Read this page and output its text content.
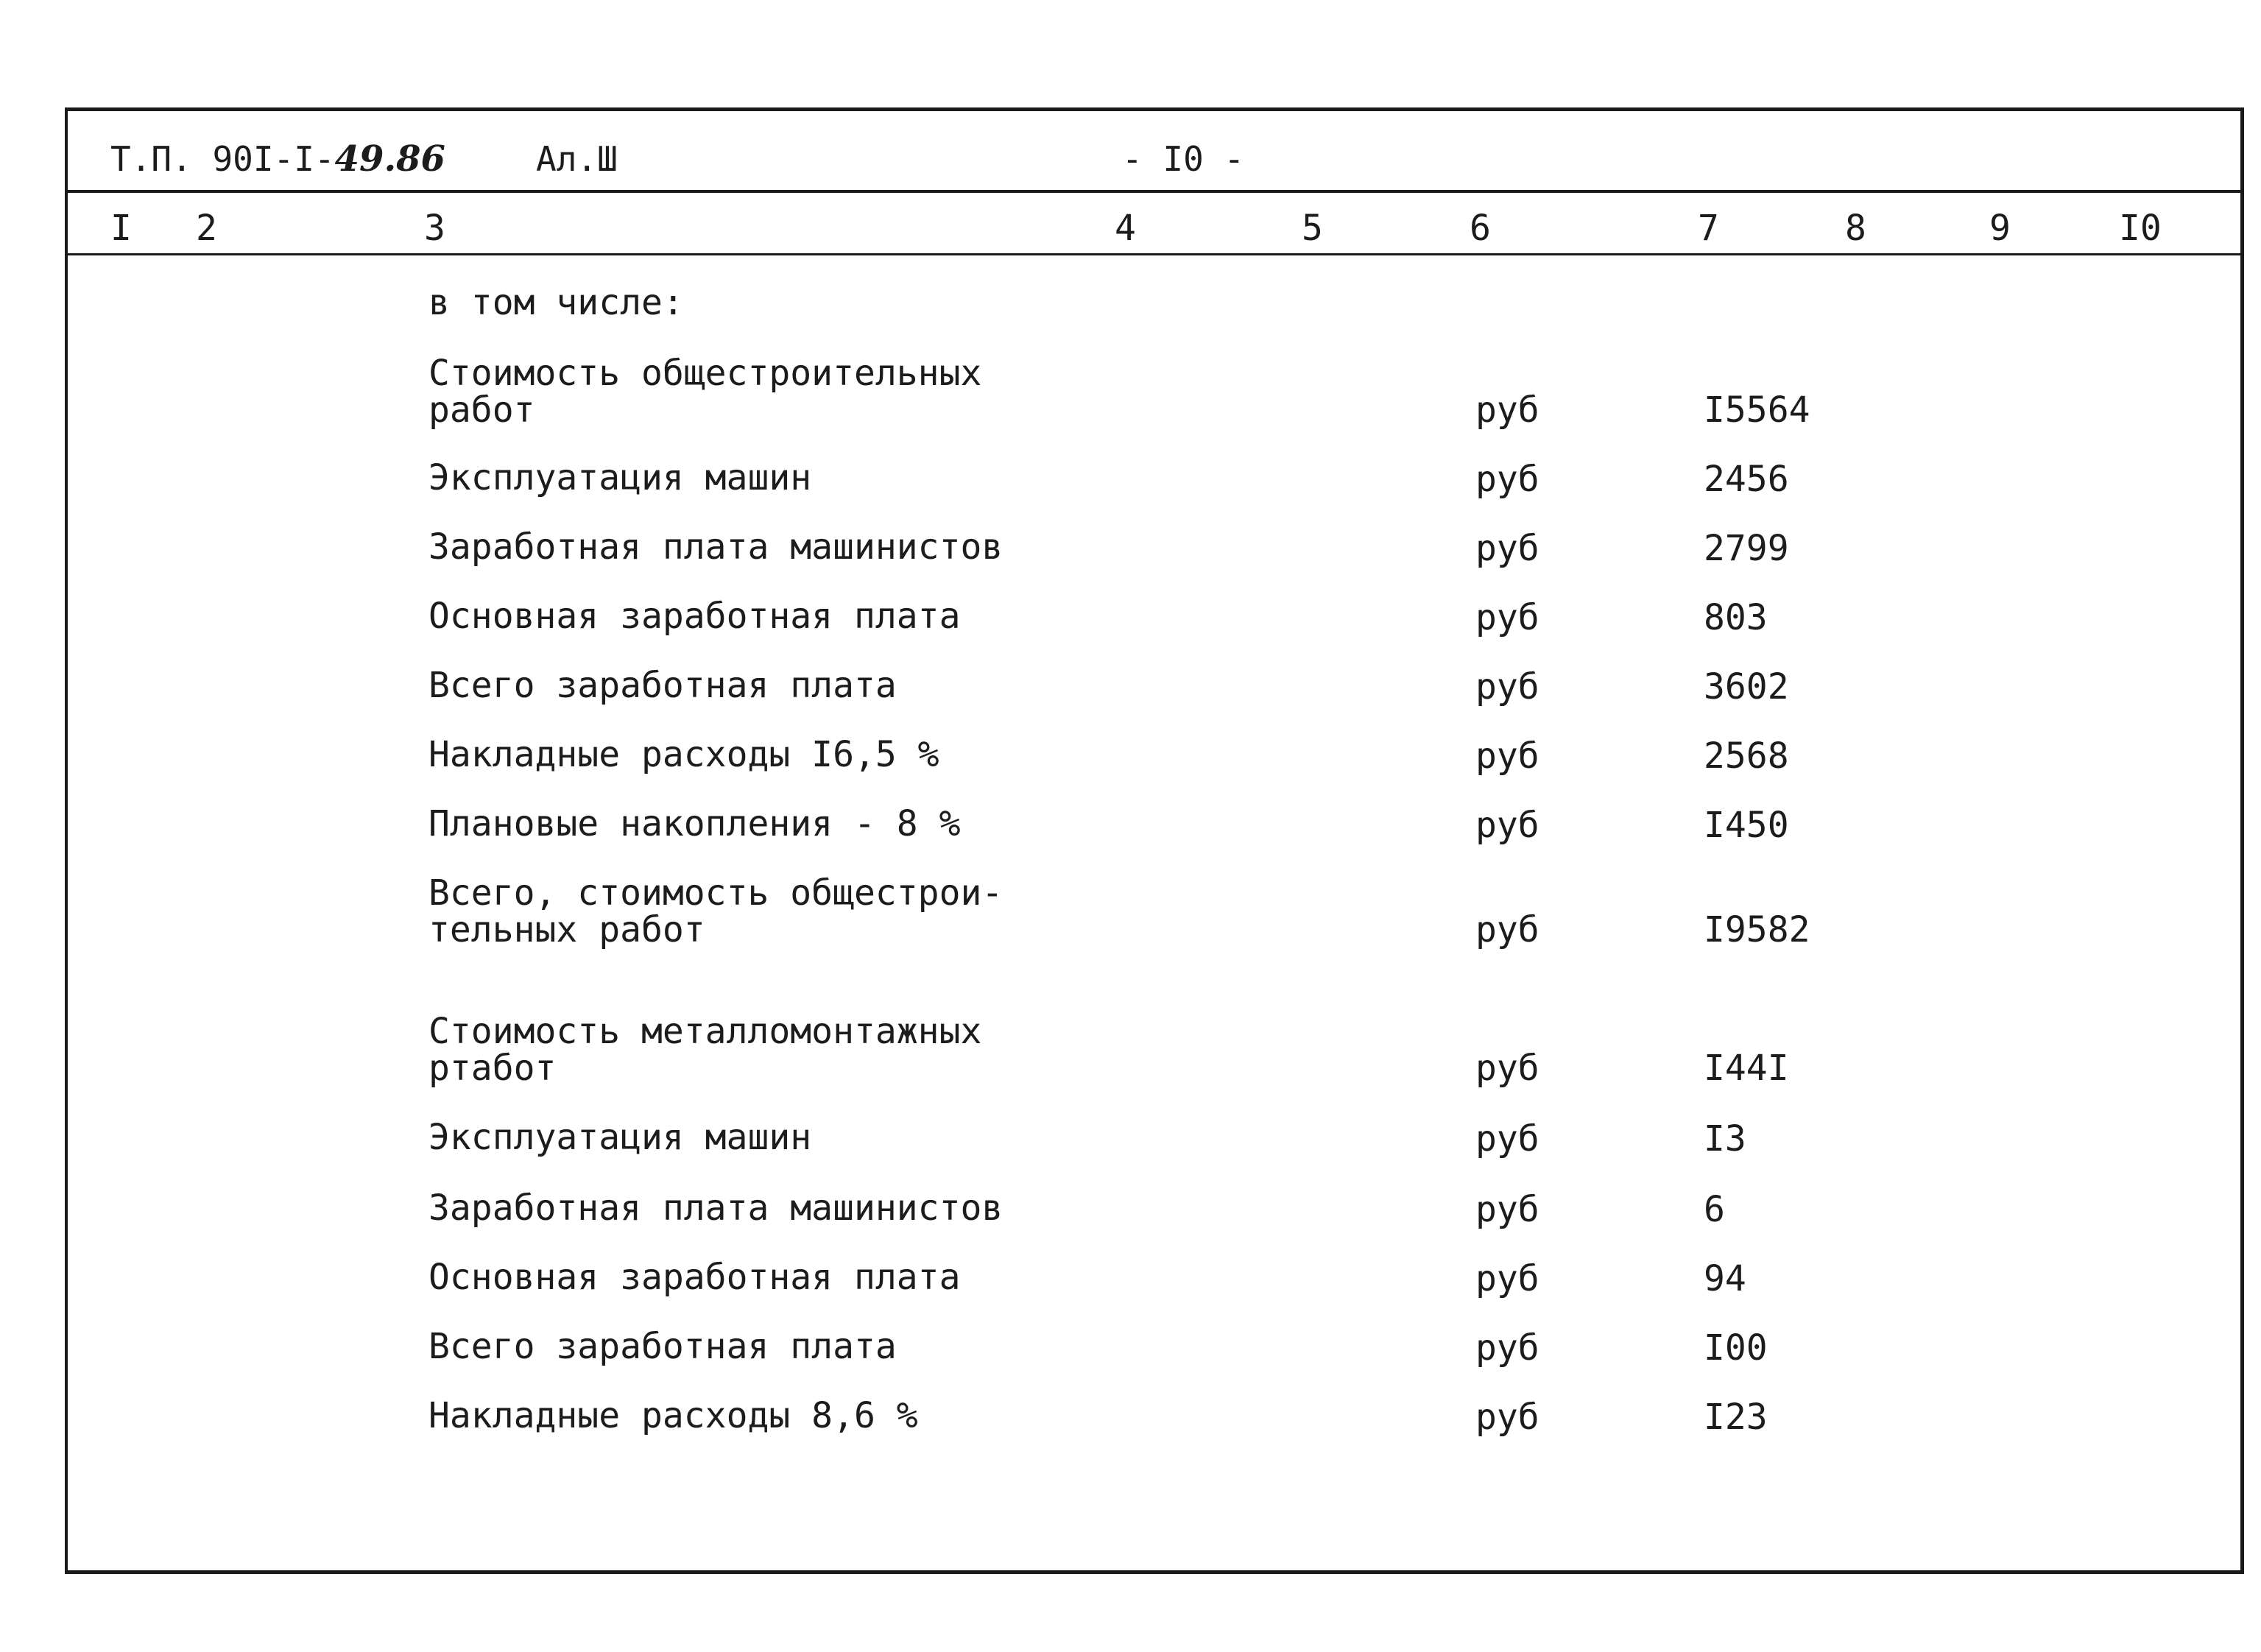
Т.П. 90I-I-49.86	Ал.Ш	- I0 -
I 2	3	4	5	6	7	8	9	I0
в том числе:
Стоимость общестроительных
работ	руб	I5564
Эксплуатация машин	руб	2456
Заработная плата машинистов	руб	2799
Основная заработная плата	руб	803
Всего заработная плата	руб	3602
Накладные расходы I6,5 %	руб	2568
Плановые накопления - 8 %	руб	I450
Всего, стоимость общестрои-
тельных работ	руб	I9582
Стоимость металломонтажных
ртабот	руб	I44I
Эксплуатация машин	руб	I3
Заработная плата машинистов	руб	6
Основная заработная плата	руб	94
Всего заработная плата	руб	I00
Накладные расходы 8,6 %	руб	I23
